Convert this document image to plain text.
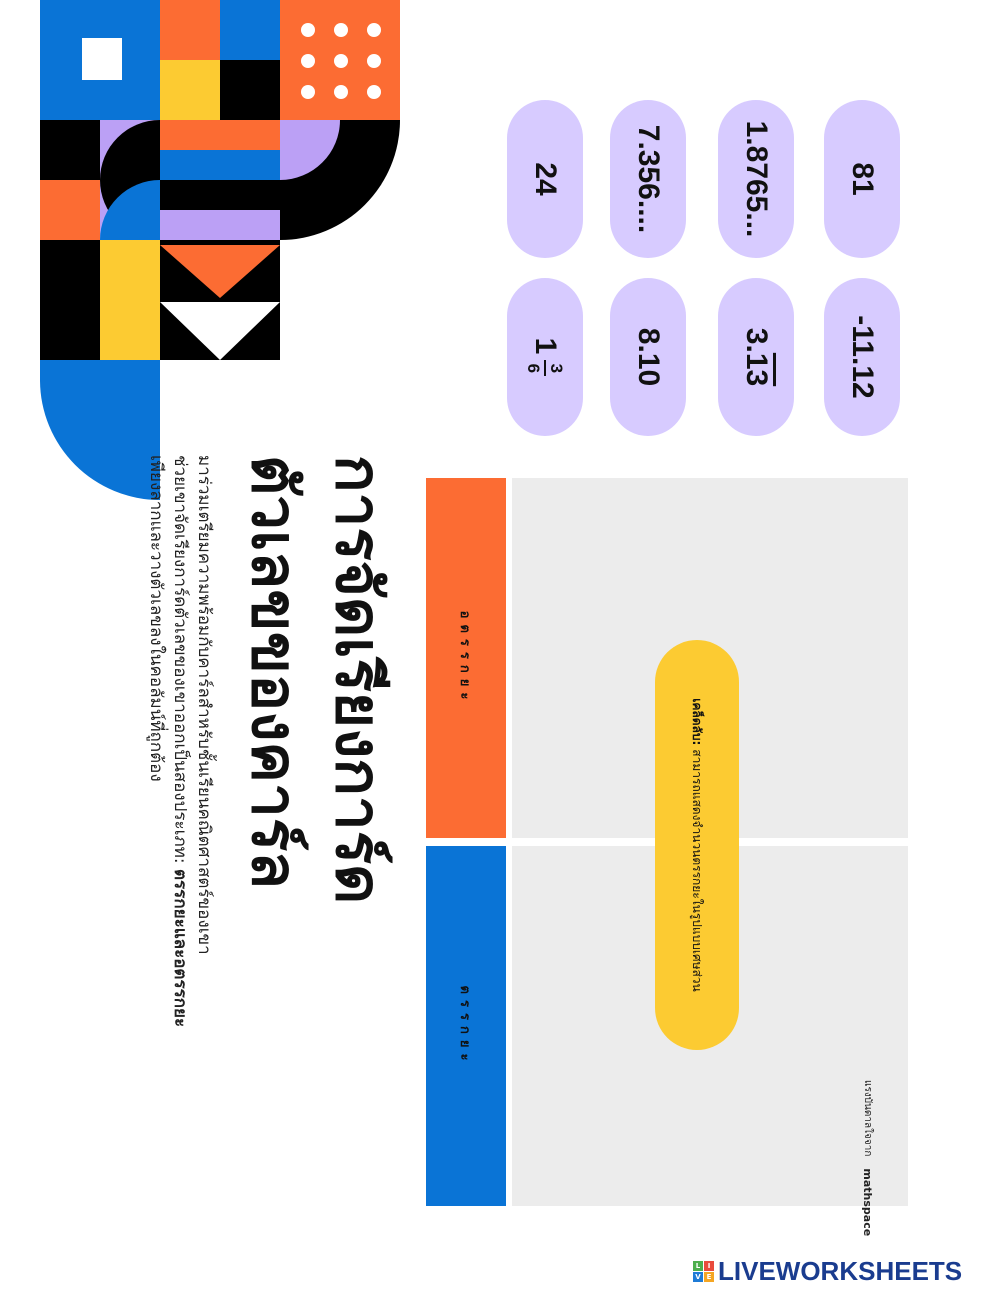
การจัดเรียงการ์ด
ตัวเลขของคาร์ล
มาร่วมเตรียมความพร้อมกับคาร์ลสำหรับชั้นเรียนคณิตศาสตร์ของเขา
ช่วยเขาจัดเรียงการ์ดตัวเลขของเขาออกเป็นสองประเภท: ตรรกยะและอตรรกยะ
เพียงลากและวางตัวเลขลงในคอลัมน์ที่ถูกต้อง
24
1
3
6
7.356....
8.10
1.8765...
3.
13
81
-11.12
อตรรกยะ
ตรรกยะ
เคล็ดลับ:
สามารถแสดงจำนวนตรรกยะในรูปแบบเศษส่วน
แรงบันดาลใจจาก
mathspace
L	I
V E LIVEWORKSHEETS
